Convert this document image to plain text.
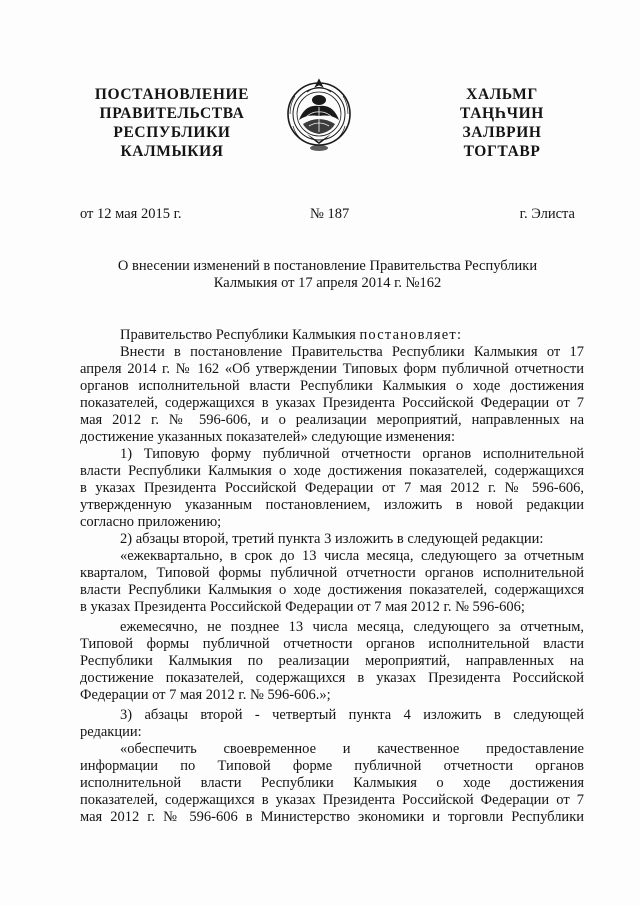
ПОСТАНОВЛЕНИЕ
ПРАВИТЕЛЬСТВА
РЕСПУБЛИКИ
КАЛМЫКИЯ
ХАЛЬМГ
ТАҢҺЧИН
ЗАЛВРИН
ТОГТАВР
от 12 мая 2015 г.	№ 187	г. Элиста
О внесении изменений в постановление Правительства Республики
Калмыкия от 17 апреля 2014 г. №162
Правительство Республики Калмыкия постановляет:
Внести в постановление Правительства Республики Калмыкия от 17
апреля 2014 г. № 162 «Об утверждении Типовых форм публичной отчетности
органов исполнительной власти Республики Калмыкия о ходе достижения
показателей, содержащихся в указах Президента Российской Федерации от 7
мая 2012 г. № 596-606, и о реализации мероприятий, направленных на
достижение указанных показателей» следующие изменения:
1) Типовую форму публичной отчетности органов исполнительной
власти Республики Калмыкия о ходе достижения показателей, содержащихся
в указах Президента Российской Федерации от 7 мая 2012 г. № 596-606,
утвержденную указанным постановлением, изложить в новой редакции
согласно приложению;
2) абзацы второй, третий пункта 3 изложить в следующей редакции:
«ежеквартально, в срок до 13 числа месяца, следующего за отчетным
кварталом, Типовой формы публичной отчетности органов исполнительной
власти Республики Калмыкия о ходе достижения показателей, содержащихся
в указах Президента Российской Федерации от 7 мая 2012 г. № 596-606;
ежемесячно, не позднее 13 числа месяца, следующего за отчетным,
Типовой формы публичной отчетности органов исполнительной власти
Республики Калмыкия по реализации мероприятий, направленных на
достижение показателей, содержащихся в указах Президента Российской
Федерации от 7 мая 2012 г. № 596-606.»;
3) абзацы второй - четвертый пункта 4 изложить в следующей
редакции:
«обеспечить своевременное и качественное предоставление
информации по Типовой форме публичной отчетности органов
исполнительной власти Республики Калмыкия о ходе достижения
показателей, содержащихся в указах Президента Российской Федерации от 7
мая 2012 г. № 596-606 в Министерство экономики и торговли Республики
